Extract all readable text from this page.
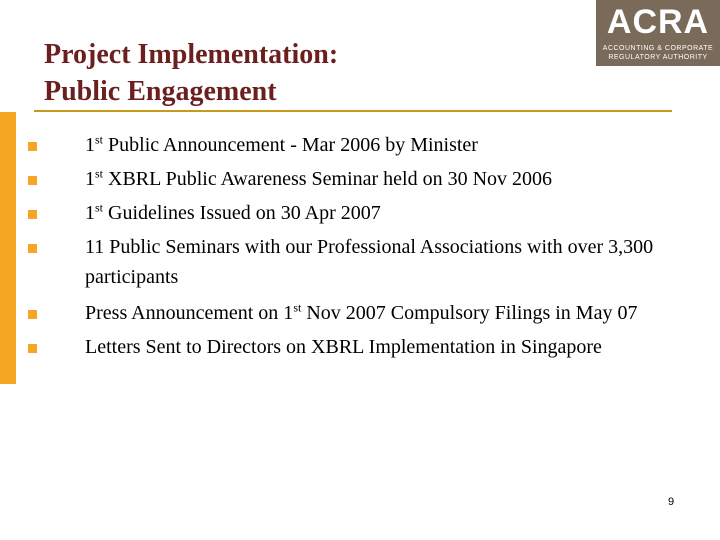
Project Implementation:
Public Engagement
ACRA
ACCOUNTING & CORPORATE
REGULATORY AUTHORITY
1st Public Announcement - Mar 2006 by Minister
1st XBRL Public Awareness Seminar held on 30 Nov 2006
1st Guidelines Issued on 30 Apr 2007
11 Public Seminars with our Professional Associations with over 3,300 participants
Press Announcement on 1st Nov 2007 Compulsory Filings in May 07
Letters Sent to Directors on XBRL Implementation in Singapore
9
